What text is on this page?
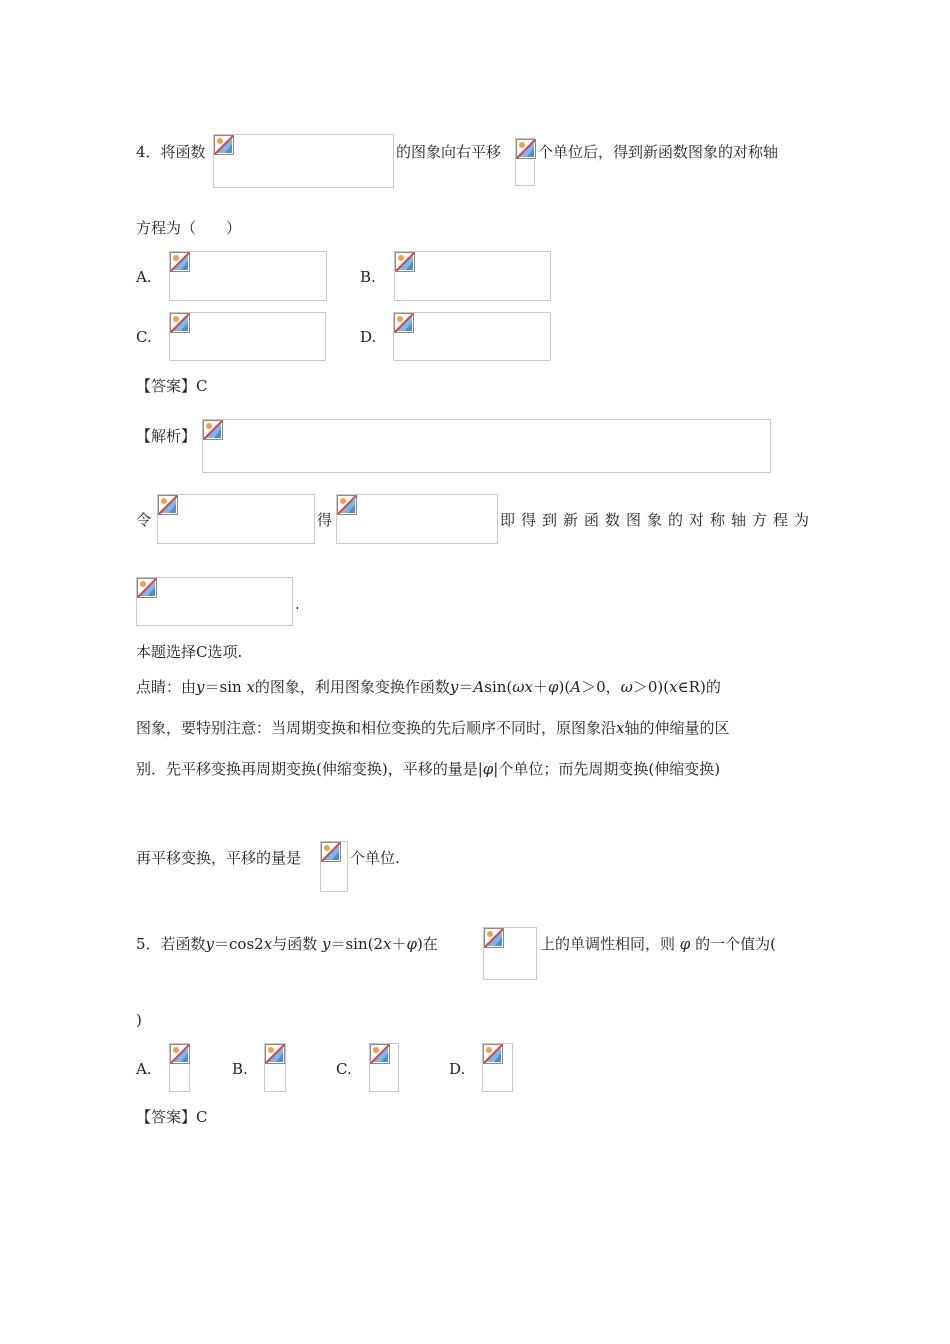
4．将函数	的图象向右平移 个单位后，得到新函数图象的对称轴
方程为（　　）
A.	B.
C.	D.
【答案】C
【解析】
令	得	即得到新函数图象的对称轴方程为
.
本题选择C选项.
点睛：由y＝sin x的图象，利用图象变换作函数y＝Asin(ωx＋φ)(A＞0，ω＞0)(x∈R)的
图象，要特别注意：当周期变换和相位变换的先后顺序不同时，原图象沿x轴的伸缩量的区
别．先平移变换再周期变换(伸缩变换)，平移的量是|φ|个单位；而先周期变换(伸缩变换)
再平移变换，平移的量是	个单位.
5．若函数y＝cos2x与函数 y＝sin(2x＋φ)在	上的单调性相同，则 φ 的一个值为(
)
A.	B.	C.	D.
【答案】C
